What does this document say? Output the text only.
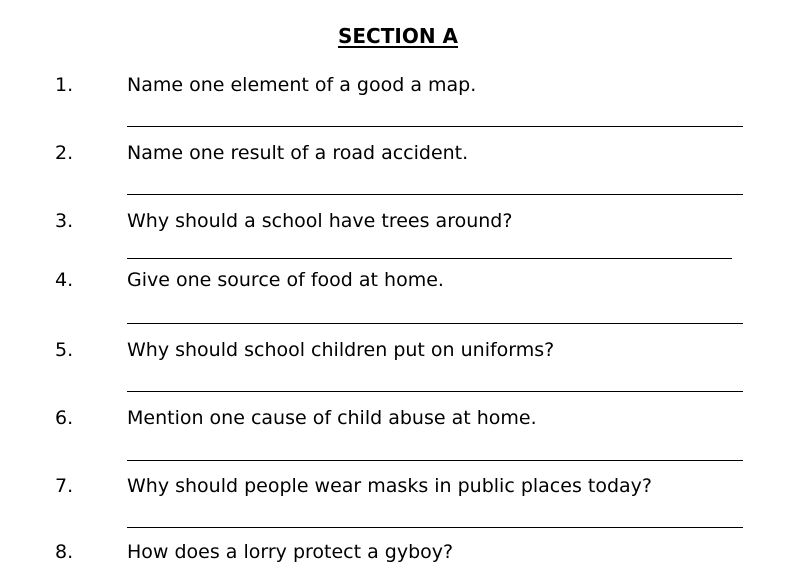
SECTION A
1.	Name one element of a good a map.
2.	Name one result of a road accident.
3.	Why should a school have trees around?
4.	Give one source of food at home.
5.	Why should school children put on uniforms?
6.	Mention one cause of child abuse at home.
7.	Why should people wear masks in public places today?
8.	How does a lorry protect a gyboy?
